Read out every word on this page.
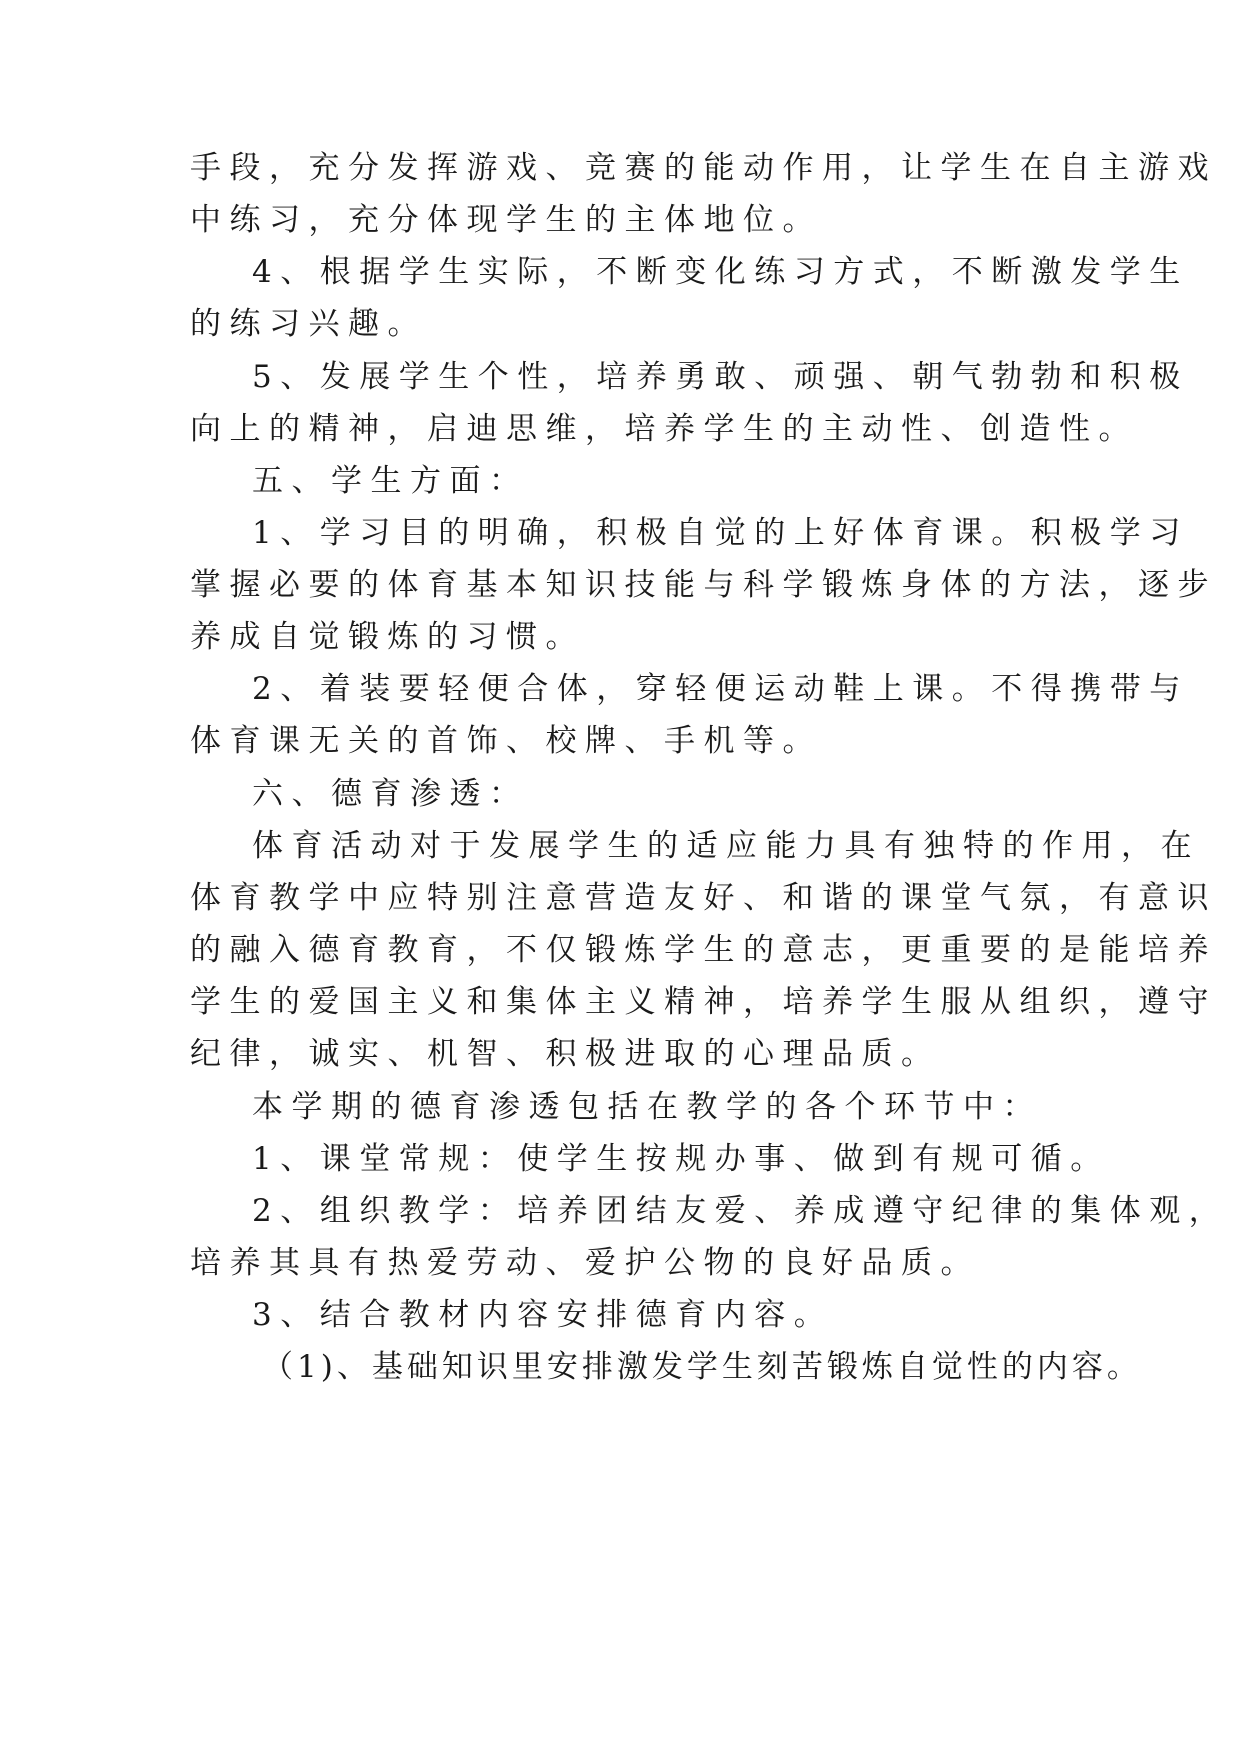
手段，充分发挥游戏、竞赛的能动作用，让学生在自主游戏
中练习，充分体现学生的主体地位。
4、根据学生实际，不断变化练习方式，不断激发学生
的练习兴趣。
5、发展学生个性，培养勇敢、顽强、朝气勃勃和积极
向上的精神，启迪思维，培养学生的主动性、创造性。
五、学生方面：
1、学习目的明确，积极自觉的上好体育课。积极学习
掌握必要的体育基本知识技能与科学锻炼身体的方法，逐步
养成自觉锻炼的习惯。
2、着装要轻便合体，穿轻便运动鞋上课。不得携带与
体育课无关的首饰、校牌、手机等。
六、德育渗透：
体育活动对于发展学生的适应能力具有独特的作用，在
体育教学中应特别注意营造友好、和谐的课堂气氛，有意识
的融入德育教育，不仅锻炼学生的意志，更重要的是能培养
学生的爱国主义和集体主义精神，培养学生服从组织，遵守
纪律，诚实、机智、积极进取的心理品质。
本学期的德育渗透包括在教学的各个环节中：
1、课堂常规：使学生按规办事、做到有规可循。
2、组织教学：培养团结友爱、养成遵守纪律的集体观，
培养其具有热爱劳动、爱护公物的良好品质。
3、结合教材内容安排德育内容。
（1)、基础知识里安排激发学生刻苦锻炼自觉性的内容。
